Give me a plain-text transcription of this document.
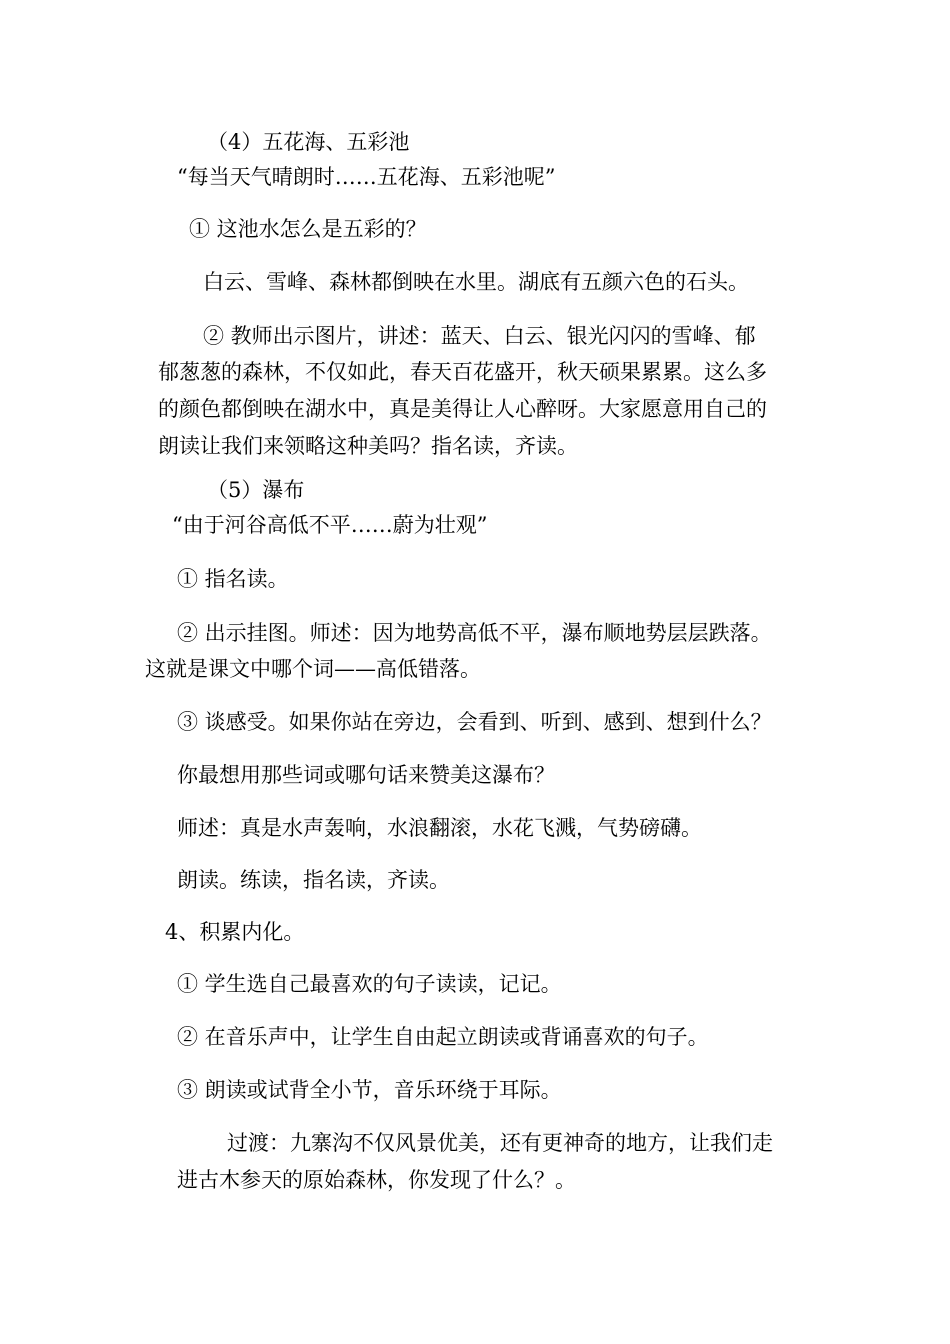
（4）五花海、五彩池
“每当天气晴朗时……五花海、五彩池呢”
① 这池水怎么是五彩的？
白云、雪峰、森林都倒映在水里。湖底有五颜六色的石头。
② 教师出示图片，讲述：蓝天、白云、银光闪闪的雪峰、郁
郁葱葱的森林，不仅如此，春天百花盛开，秋天硕果累累。这么多
的颜色都倒映在湖水中，真是美得让人心醉呀。大家愿意用自己的
朗读让我们来领略这种美吗？指名读，齐读。
（5）瀑布
“由于河谷高低不平……蔚为壮观”
① 指名读。
② 出示挂图。师述：因为地势高低不平，瀑布顺地势层层跌落。
这就是课文中哪个词——高低错落。
③ 谈感受。如果你站在旁边，会看到、听到、感到、想到什么？
你最想用那些词或哪句话来赞美这瀑布？
师述：真是水声轰响，水浪翻滚，水花飞溅，气势磅礴。
朗读。练读，指名读，齐读。
4、积累内化。
① 学生选自己最喜欢的句子读读，记记。
② 在音乐声中，让学生自由起立朗读或背诵喜欢的句子。
③ 朗读或试背全小节，音乐环绕于耳际。
过渡：九寨沟不仅风景优美，还有更神奇的地方，让我们走
进古木参天的原始森林，你发现了什么？。
